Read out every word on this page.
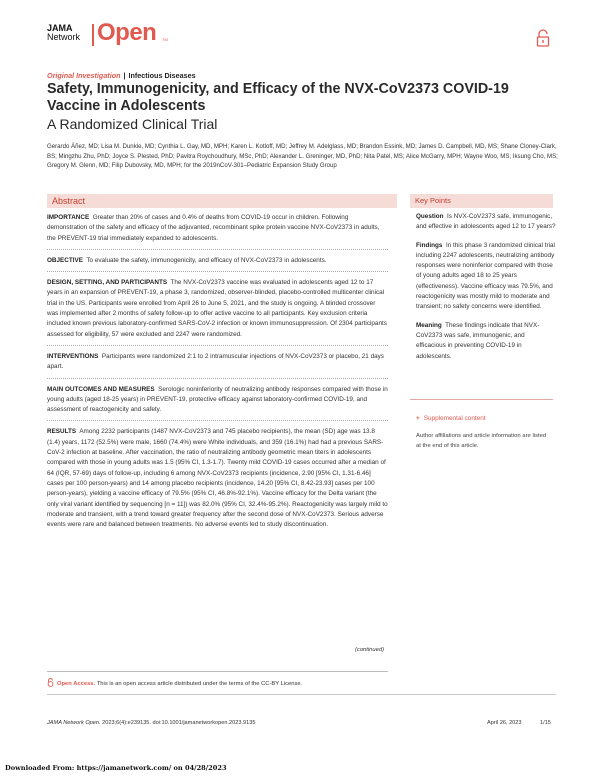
JAMA
Network Open TM
Original Investigation | Infectious Diseases
Safety, Immunogenicity, and Efficacy of the NVX-CoV2373 COVID-19 Vaccine in Adolescents
A Randomized Clinical Trial
Gerardo Áñez, MD; Lisa M. Dunkle, MD; Cynthia L. Gay, MD, MPH; Karen L. Kotloff, MD; Jeffrey M. Adelglass, MD; Brandon Essink, MD; James D. Campbell, MD, MS; Shane Cloney-Clark, BS; Mingzhu Zhu, PhD; Joyce S. Plested, PhD; Pavitra Roychoudhury, MSc, PhD; Alexander L. Greninger, MD, PhD; Nita Patel, MS; Alice McGarry, MPH; Wayne Woo, MS; Iksung Cho, MS; Gregory M. Glenn, MD; Filip Dubovsky, MD, MPH; for the 2019nCoV-301–Pediatric Expansion Study Group
Abstract	Key Points
IMPORTANCE Greater than 20% of cases and 0.4% of deaths from COVID-19 occur in children. Following demonstration of the safety and efficacy of the adjuvanted, recombinant spike protein vaccine NVX-CoV2373 in adults, the PREVENT-19 trial immediately expanded to adolescents.
OBJECTIVE To evaluate the safety, immunogenicity, and efficacy of NVX-CoV2373 in adolescents.
DESIGN, SETTING, AND PARTICIPANTS The NVX-CoV2373 vaccine was evaluated in adolescents aged 12 to 17 years in an expansion of PREVENT-19, a phase 3, randomized, observer-blinded, placebo-controlled multicenter clinical trial in the US. Participants were enrolled from April 26 to June 5, 2021, and the study is ongoing. A blinded crossover was implemented after 2 months of safety follow-up to offer active vaccine to all participants. Key exclusion criteria included known previous laboratory-confirmed SARS-CoV-2 infection or known immunosuppression. Of 2304 participants assessed for eligibility, 57 were excluded and 2247 were randomized.
INTERVENTIONS Participants were randomized 2:1 to 2 intramuscular injections of NVX-CoV2373 or placebo, 21 days apart.
MAIN OUTCOMES AND MEASURES Serologic noninferiority of neutralizing antibody responses compared with those in young adults (aged 18-25 years) in PREVENT-19, protective efficacy against laboratory-confirmed COVID-19, and assessment of reactogenicity and safety.
RESULTS Among 2232 participants (1487 NVX-CoV2373 and 745 placebo recipients), the mean (SD) age was 13.8 (1.4) years, 1172 (52.5%) were male, 1660 (74.4%) were White individuals, and 359 (16.1%) had had a previous SARS-CoV-2 infection at baseline. After vaccination, the ratio of neutralizing antibody geometric mean titers in adolescents compared with those in young adults was 1.5 (95% CI, 1.3-1.7). Twenty mild COVID-19 cases occurred after a median of 64 (IQR, 57-69) days of follow-up, including 6 among NVX-CoV2373 recipients (incidence, 2.90 [95% CI, 1.31-6.46] cases per 100 person-years) and 14 among placebo recipients (incidence, 14.20 [95% CI, 8.42-23.93] cases per 100 person-years), yielding a vaccine efficacy of 79.5% (95% CI, 46.8%-92.1%). Vaccine efficacy for the Delta variant (the only viral variant identified by sequencing [n = 11]) was 82.0% (95% CI, 32.4%-95.2%). Reactogenicity was largely mild to moderate and transient, with a trend toward greater frequency after the second dose of NVX-CoV2373. Serious adverse events were rare and balanced between treatments. No adverse events led to study discontinuation.
Question Is NVX-CoV2373 safe, immunogenic, and effective in adolescents aged 12 to 17 years?
Findings In this phase 3 randomized clinical trial including 2247 adolescents, neutralizing antibody responses were noninferior compared with those of young adults aged 18 to 25 years (effectiveness). Vaccine efficacy was 79.5%, and reactogenicity was mostly mild to moderate and transient; no safety concerns were identified.
Meaning These findings indicate that NVX-CoV2373 was safe, immunogenic, and efficacious in preventing COVID-19 in adolescents.
+ Supplemental content
Author affiliations and article information are listed at the end of this article.
(continued)
Open Access. This is an open access article distributed under the terms of the CC-BY License.
JAMA Network Open. 2023;6(4):e239135. doi:10.1001/jamanetworkopen.2023.9135	April 26, 2023	1/15
Downloaded From: https://jamanetwork.com/ on 04/28/2023
